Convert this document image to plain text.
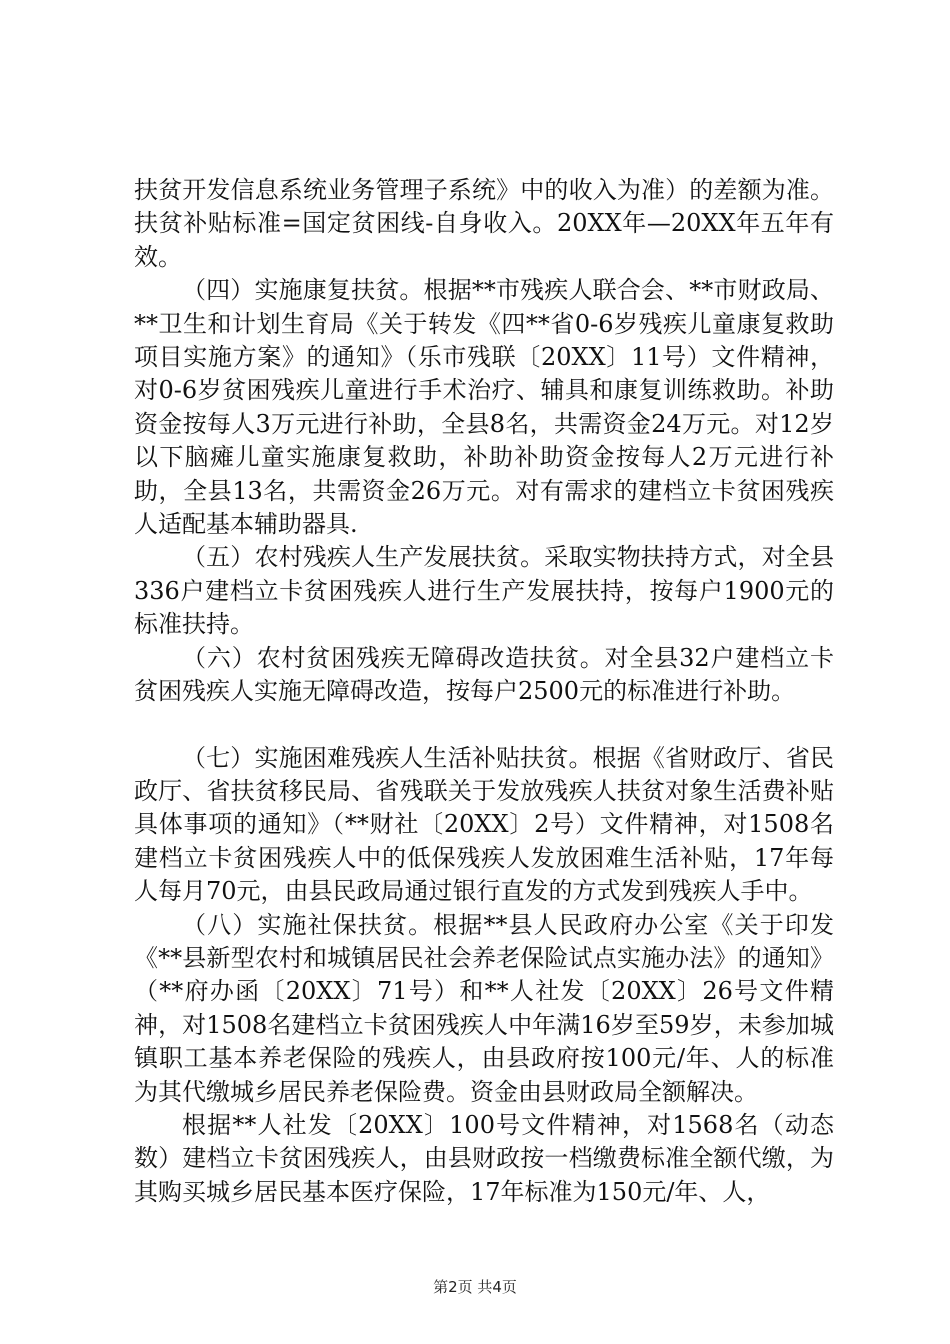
扶贫开发信息系统业务管理子系统》中的收入为准）的差额为准。扶贫补贴标准=国定贫困线-自身收入。20XX年—20XX年五年有效。

（四）实施康复扶贫。根据**市残疾人联合会、**市财政局、**卫生和计划生育局《关于转发《四**省0-6岁残疾儿童康复救助项目实施方案》的通知》（乐市残联〔20XX〕11号）文件精神，对0-6岁贫困残疾儿童进行手术治疗、辅具和康复训练救助。补助资金按每人3万元进行补助，全县8名，共需资金24万元。对12岁以下脑瘫儿童实施康复救助，补助补助资金按每人2万元进行补助，全县13名，共需资金26万元。对有需求的建档立卡贫困残疾人适配基本辅助器具.

（五）农村残疾人生产发展扶贫。采取实物扶持方式，对全县336户建档立卡贫困残疾人进行生产发展扶持，按每户1900元的标准扶持。

（六）农村贫困残疾无障碍改造扶贫。对全县32户建档立卡贫困残疾人实施无障碍改造，按每户2500元的标准进行补助。

（七）实施困难残疾人生活补贴扶贫。根据《省财政厅、省民政厅、省扶贫移民局、省残联关于发放残疾人扶贫对象生活费补贴具体事项的通知》（**财社〔20XX〕2号）文件精神，对1508名建档立卡贫困残疾人中的低保残疾人发放困难生活补贴，17年每人每月70元，由县民政局通过银行直发的方式发到残疾人手中。

（八）实施社保扶贫。根据**县人民政府办公室《关于印发《**县新型农村和城镇居民社会养老保险试点实施办法》的通知》（**府办函〔20XX〕71号）和**人社发〔20XX〕26号文件精神，对1508名建档立卡贫困残疾人中年满16岁至59岁，未参加城镇职工基本养老保险的残疾人，由县政府按100元/年、人的标准为其代缴城乡居民养老保险费。资金由县财政局全额解决。

根据**人社发〔20XX〕100号文件精神，对1568名（动态数）建档立卡贫困残疾人，由县财政按一档缴费标准全额代缴，为其购买城乡居民基本医疗保险，17年标准为150元/年、人，

第2页 共4页
